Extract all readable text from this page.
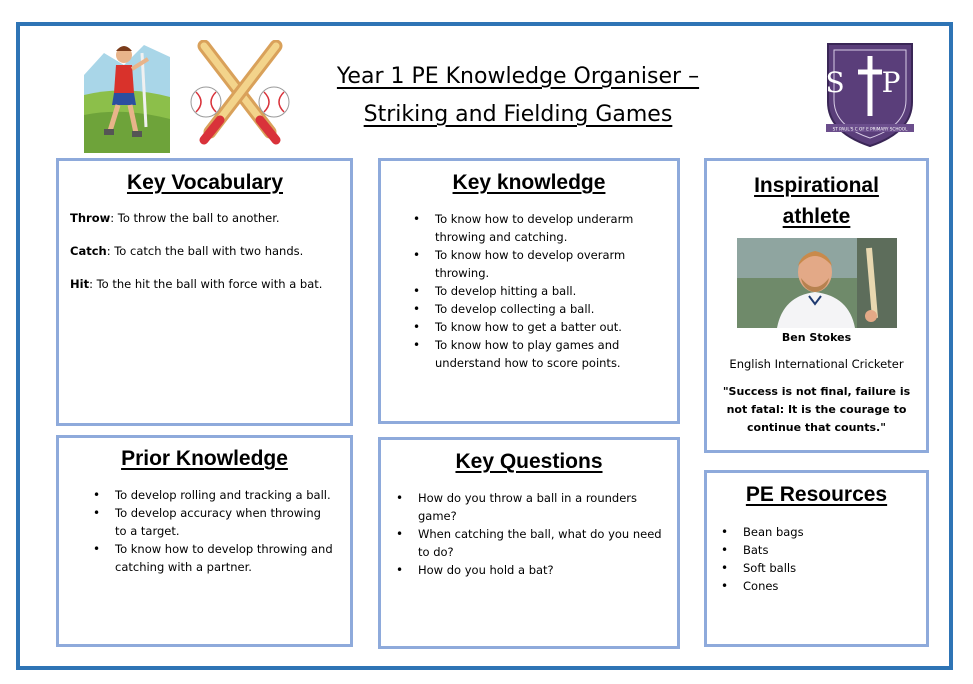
Year 1 PE Knowledge Organiser –
Striking and Fielding Games
S P
ST PAUL'S C OF E PRIMARY SCHOOL
Key Vocabulary

Throw: To throw the ball to another.

Catch: To catch the ball with two hands.

Hit: To the hit the ball with force with a bat.

Key knowledge
• To know how to develop underarm throwing and catching.
• To know how to develop overarm throwing.
• To develop hitting a ball.
• To develop collecting a ball.
• To know how to get a batter out.
• To know how to play games and understand how to score points.
Inspirational
athlete
Ben Stokes
English International Cricketer
"Success is not final, failure is not fatal: It is the courage to continue that counts."
Prior Knowledge
• To develop rolling and tracking a ball.
• To develop accuracy when throwing to a target.
• To know how to develop throwing and catching with a partner.
Key Questions
• How do you throw a ball in a rounders game?
• When catching the ball, what do you need to do?
• How do you hold a bat?
PE Resources
• Bean bags
• Bats
• Soft balls
• Cones
